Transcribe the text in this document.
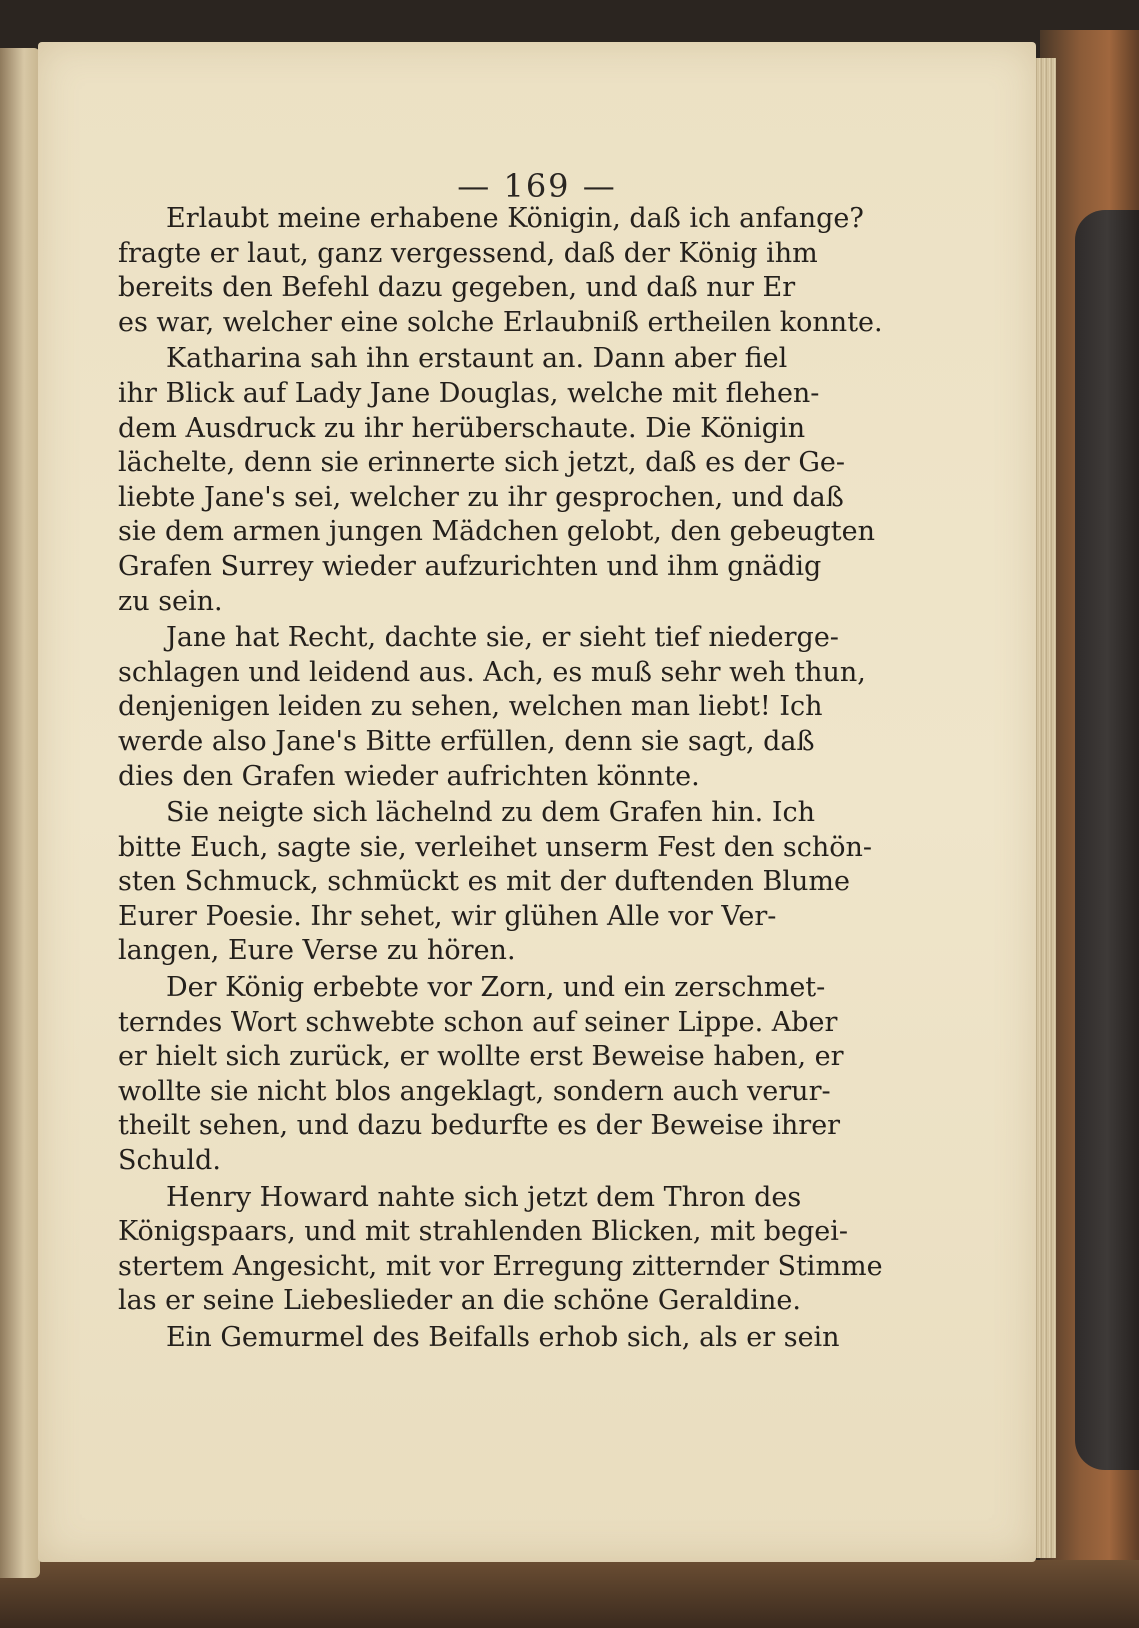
— 169 —

Erlaubt meine erhabene Königin, daß ich anfange?
fragte er laut, ganz vergessend, daß der König ihm
bereits den Befehl dazu gegeben, und daß nur Er
es war, welcher eine solche Erlaubniß ertheilen konnte.

Katharina sah ihn erstaunt an. Dann aber fiel
ihr Blick auf Lady Jane Douglas, welche mit flehen-
dem Ausdruck zu ihr herüberschaute. Die Königin
lächelte, denn sie erinnerte sich jetzt, daß es der Ge-
liebte Jane's sei, welcher zu ihr gesprochen, und daß
sie dem armen jungen Mädchen gelobt, den gebeugten
Grafen Surrey wieder aufzurichten und ihm gnädig
zu sein.

Jane hat Recht, dachte sie, er sieht tief niederge-
schlagen und leidend aus. Ach, es muß sehr weh thun,
denjenigen leiden zu sehen, welchen man liebt! Ich
werde also Jane's Bitte erfüllen, denn sie sagt, daß
dies den Grafen wieder aufrichten könnte.

Sie neigte sich lächelnd zu dem Grafen hin. Ich
bitte Euch, sagte sie, verleihet unserm Fest den schön-
sten Schmuck, schmückt es mit der duftenden Blume
Eurer Poesie. Ihr sehet, wir glühen Alle vor Ver-
langen, Eure Verse zu hören.

Der König erbebte vor Zorn, und ein zerschmet-
terndes Wort schwebte schon auf seiner Lippe. Aber
er hielt sich zurück, er wollte erst Beweise haben, er
wollte sie nicht blos angeklagt, sondern auch verur-
theilt sehen, und dazu bedurfte es der Beweise ihrer
Schuld.

Henry Howard nahte sich jetzt dem Thron des
Königspaars, und mit strahlenden Blicken, mit begei-
stertem Angesicht, mit vor Erregung zitternder Stimme
las er seine Liebeslieder an die schöne Geraldine.

Ein Gemurmel des Beifalls erhob sich, als er sein
